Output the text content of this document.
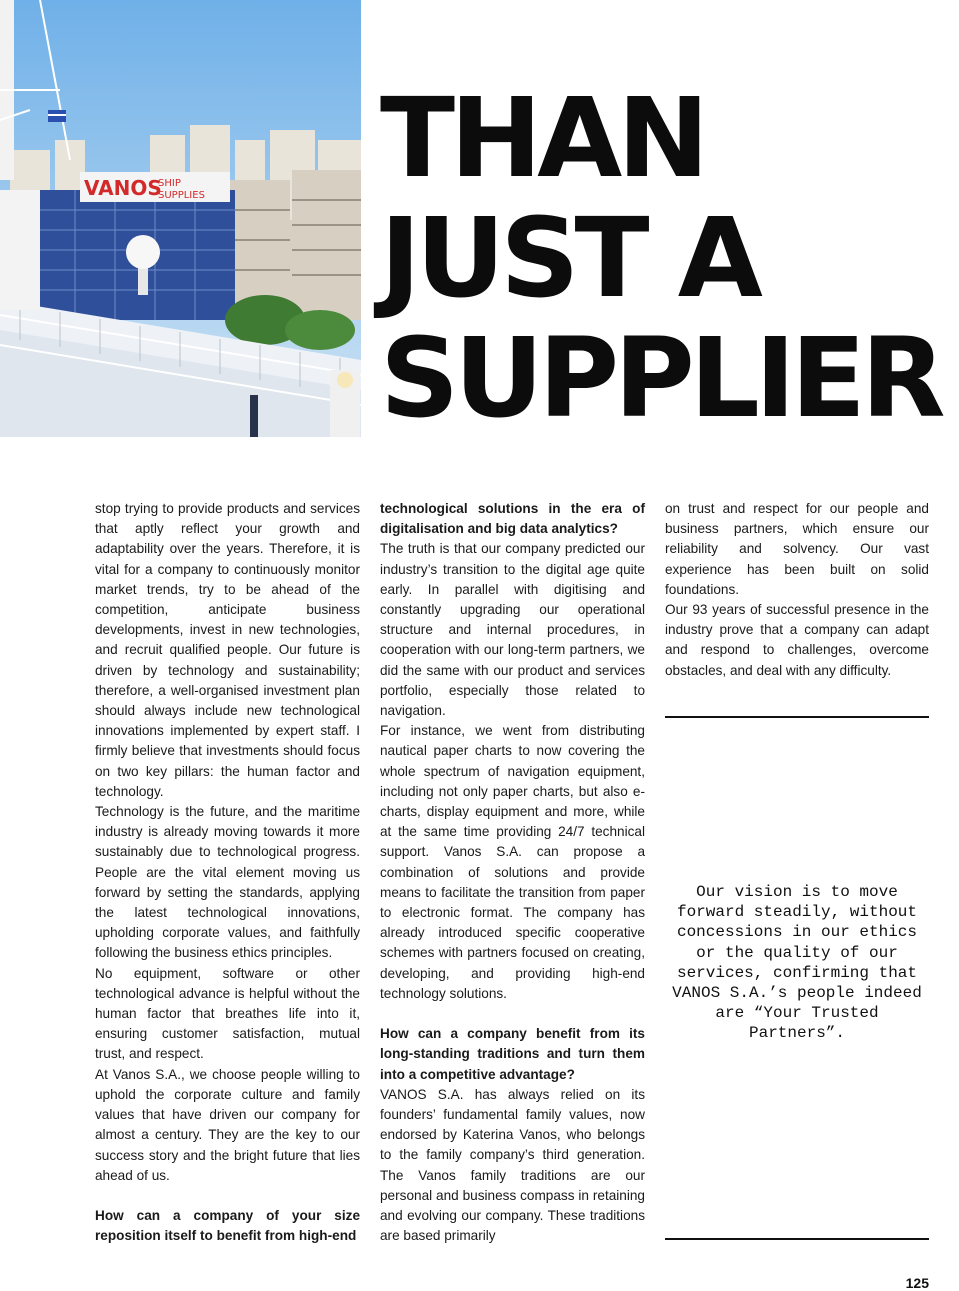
VANOS
SHIP
SUPPLIES THAN
JUST A
SUPPLIER

stop trying to provide products and services that aptly reflect your growth and adaptability over the years. Therefore, it is vital for a company to continuously monitor market trends, try to be ahead of the competition, anticipate business developments, invest in new technologies, and recruit qualified people. Our future is driven by technology and sustainability; therefore, a well-organised investment plan should always include new technological innovations implemented by expert staff. I firmly believe that investments should focus on two key pillars: the human factor and technology.

Technology is the future, and the maritime industry is already moving towards it more sustainably due to technological progress. People are the vital element moving us forward by setting the standards, applying the latest technological innovations, upholding corporate values, and faithfully following the business ethics principles.

No equipment, software or other technological advance is helpful without the human factor that breathes life into it, ensuring customer satisfaction, mutual trust, and respect.

At Vanos S.A., we choose people willing to uphold the corporate culture and family values that have driven our company for almost a century. They are the key to our success story and the bright future that lies ahead of us.

How can a company of your size reposition itself to benefit from high-end

technological solutions in the era of digitalisation and big data analytics?

The truth is that our company predicted our industry’s transition to the digital age quite early. In parallel with digitising and constantly upgrading our operational structure and internal procedures, in cooperation with our long-term partners, we did the same with our product and services portfolio, especially those related to navigation.

For instance, we went from distributing nautical paper charts to now covering the whole spectrum of navigation equipment, including not only paper charts, but also e-charts, display equipment and more, while at the same time providing 24/7 technical support. Vanos S.A. can propose a combination of solutions and provide means to facilitate the transition from paper to electronic format. The company has already introduced specific cooperative schemes with partners focused on creating, developing, and providing high-end technology solutions.

How can a company benefit from its long-standing traditions and turn them into a competitive advantage?

VANOS S.A. has always relied on its founders’ fundamental family values, now endorsed by Katerina Vanos, who belongs to the family company’s third generation. The Vanos family traditions are our personal and business compass in retaining and evolving our company. These traditions are based primarily

on trust and respect for our people and business partners, which ensure our reliability and solvency. Our vast experience has been built on solid foundations.

Our 93 years of successful presence in the industry prove that a company can adapt and respond to challenges, overcome obstacles, and deal with any difficulty.

Our vision is to move forward steadily, without concessions in our ethics or the quality of our services, confirming that VANOS S.A.’s people indeed are “Your Trusted Partners”.

125
